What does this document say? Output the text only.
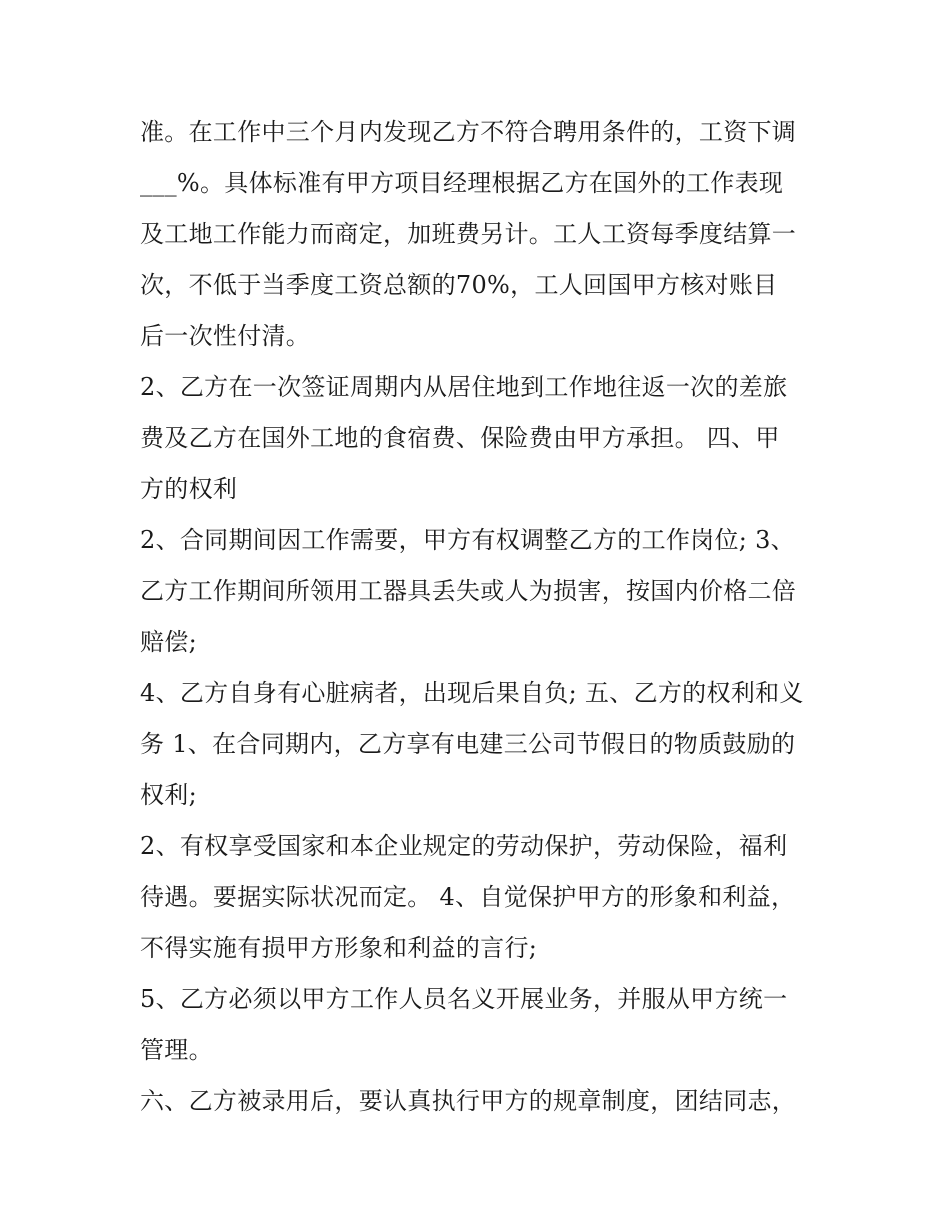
准。在工作中三个月内发现乙方不符合聘用条件的，工资下调
___%。具体标准有甲方项目经理根据乙方在国外的工作表现
及工地工作能力而商定，加班费另计。工人工资每季度结算一
次，不低于当季度工资总额的70%，工人回国甲方核对账目
后一次性付清。
2、乙方在一次签证周期内从居住地到工作地往返一次的差旅
费及乙方在国外工地的食宿费、保险费由甲方承担。 四、甲
方的权利
2、合同期间因工作需要，甲方有权调整乙方的工作岗位; 3、
乙方工作期间所领用工器具丢失或人为损害，按国内价格二倍
赔偿;
4、乙方自身有心脏病者，出现后果自负; 五、乙方的权利和义
务 1、在合同期内，乙方享有电建三公司节假日的物质鼓励的
权利;
2、有权享受国家和本企业规定的劳动保护，劳动保险，福利
待遇。要据实际状况而定。 4、自觉保护甲方的形象和利益，
不得实施有损甲方形象和利益的言行;
5、乙方必须以甲方工作人员名义开展业务，并服从甲方统一
管理。
六、乙方被录用后，要认真执行甲方的规章制度，团结同志，
